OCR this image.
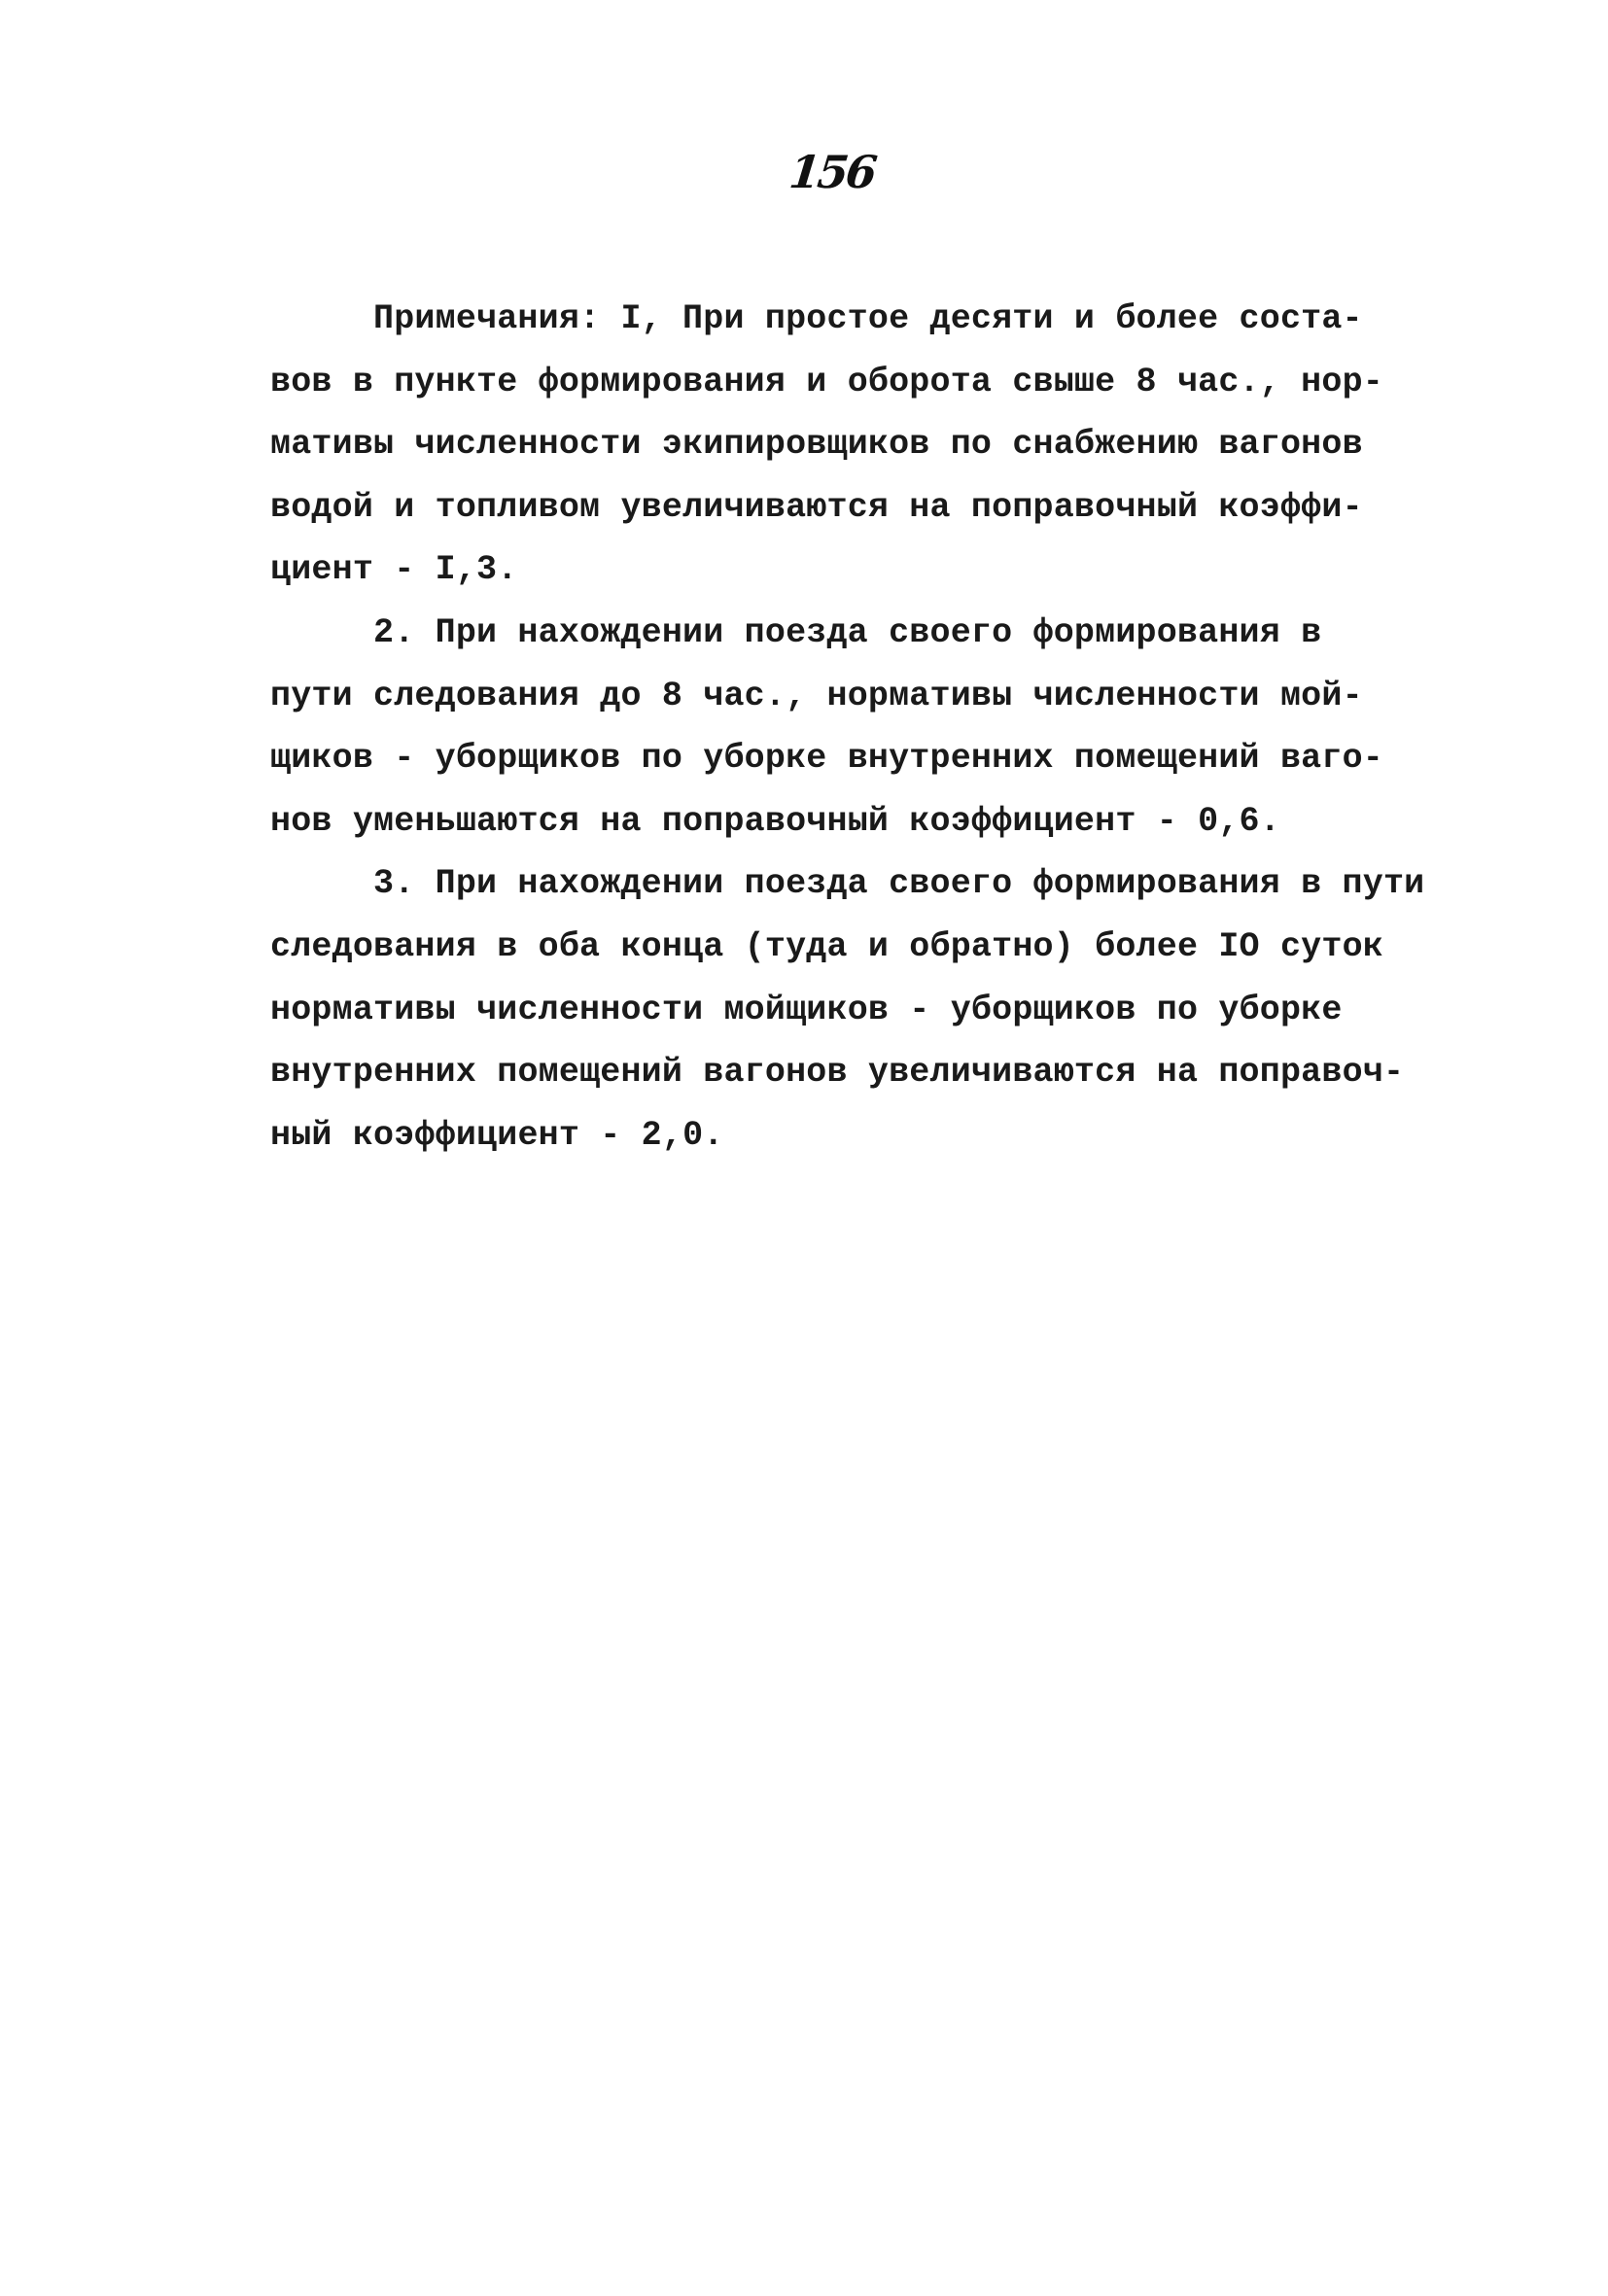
156
Примечания: I, При простое десяти и более соста-
вов в пункте формирования и оборота свыше 8 час., нор-
мативы численности экипировщиков по снабжению вагонов
водой и топливом увеличиваются на поправочный коэффи-
циент - I,3.
2. При нахождении поезда своего формирования в
пути следования до 8 час., нормативы численности мой-
щиков - уборщиков по уборке внутренних помещений ваго-
нов уменьшаются на поправочный коэффициент - 0,6.
3. При нахождении поезда своего формирования в пути
следования в оба конца (туда и обратно) более IO суток
нормативы численности мойщиков - уборщиков по уборке
внутренних помещений вагонов увеличиваются на поправоч-
ный коэффициент - 2,0.
